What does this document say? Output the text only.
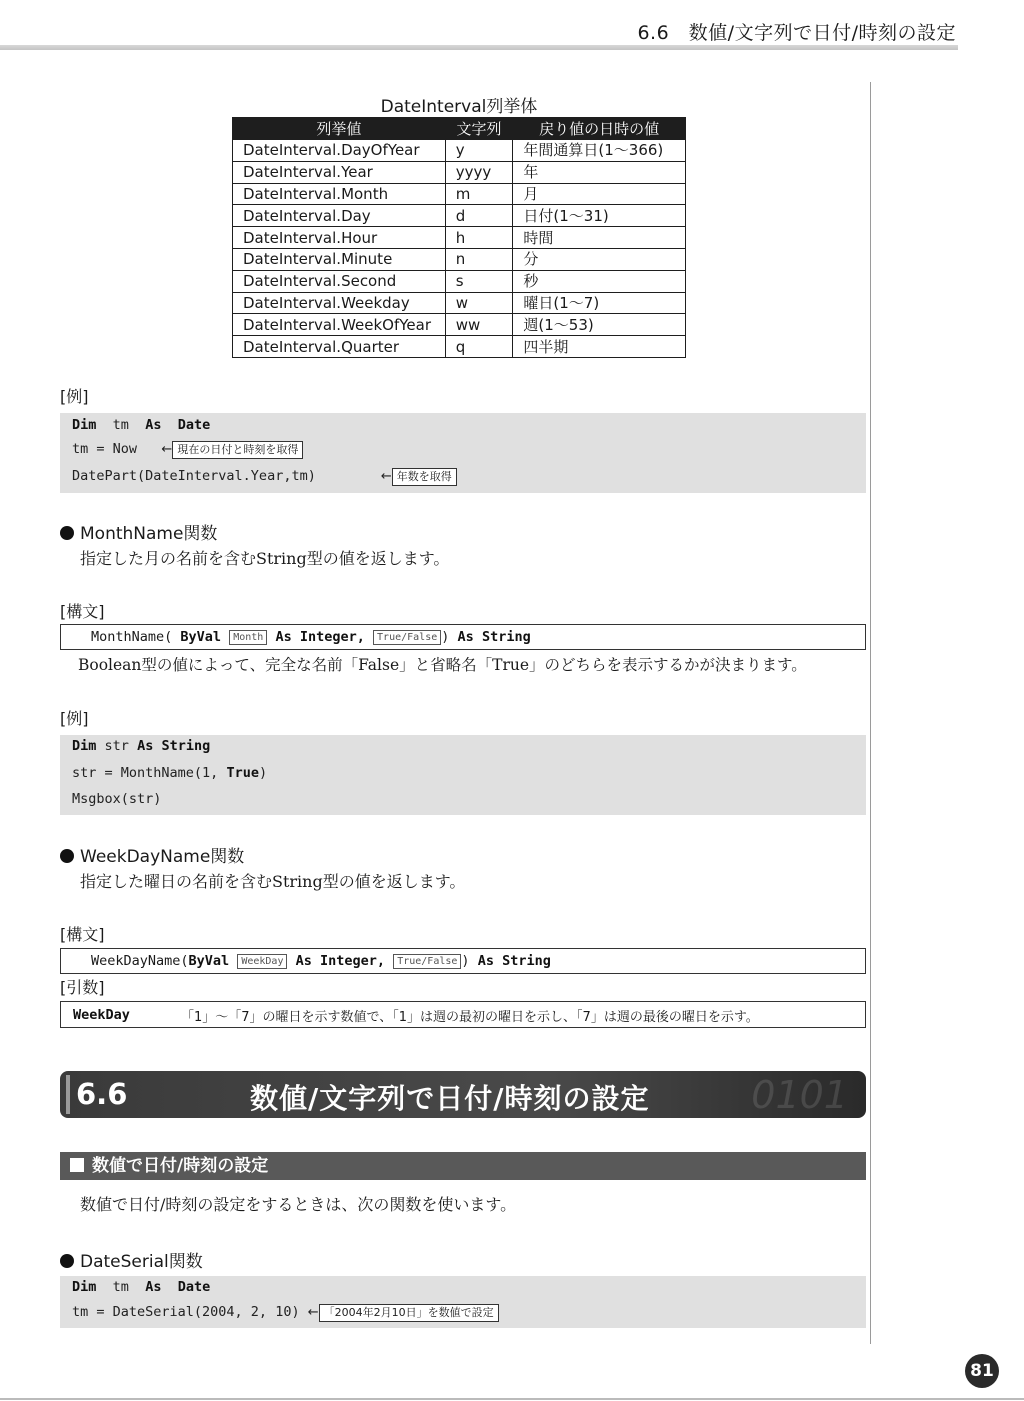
6.6　数値/文字列で日付/時刻の設定
DateInterval列挙体
列挙値	文字列	戻り値の日時の値
DateInterval.DayOfYear	y	年間通算日(1～366)
DateInterval.Year	yyyy	年
DateInterval.Month	m	月
DateInterval.Day	d	日付(1～31)
DateInterval.Hour	h	時間
DateInterval.Minute	n	分
DateInterval.Second	s	秒
DateInterval.Weekday	w	曜日(1～7)
DateInterval.WeekOfYear	ww	週(1～53)
DateInterval.Quarter	q	四半期
[例]
Dim tm As Date
tm = Now ← 現在の日付と時刻を取得
DatePart(DateInterval.Year,tm)	← 年数を取得
MonthName関数
指定した月の名前を含むString型の値を返します。
[構文]
MonthName( ByVal Month As Integer, True/False ) As String
Boolean型の値によって、完全な名前「False」と省略名「True」のどちらを表示するかが決まります。
[例]
Dim str As String
str = MonthName(1, True)
Msgbox(str)
WeekDayName関数
指定した曜日の名前を含むString型の値を返します。
[構文]
WeekDayName(ByVal WeekDay As Integer, True/False ) As String
[引数]
WeekDay	「1」～「7」の曜日を示す数値で、「1」は週の最初の曜日を示し、「7」は週の最後の曜日を示す。
6.6	数値/文字列で日付/時刻の設定	0101
数値で日付/時刻の設定
数値で日付/時刻の設定をするときは、次の関数を使います。
DateSerial関数
Dim tm As Date
tm = DateSerial(2004, 2, 10) ← 「2004年2月10日」を数値で設定
81
